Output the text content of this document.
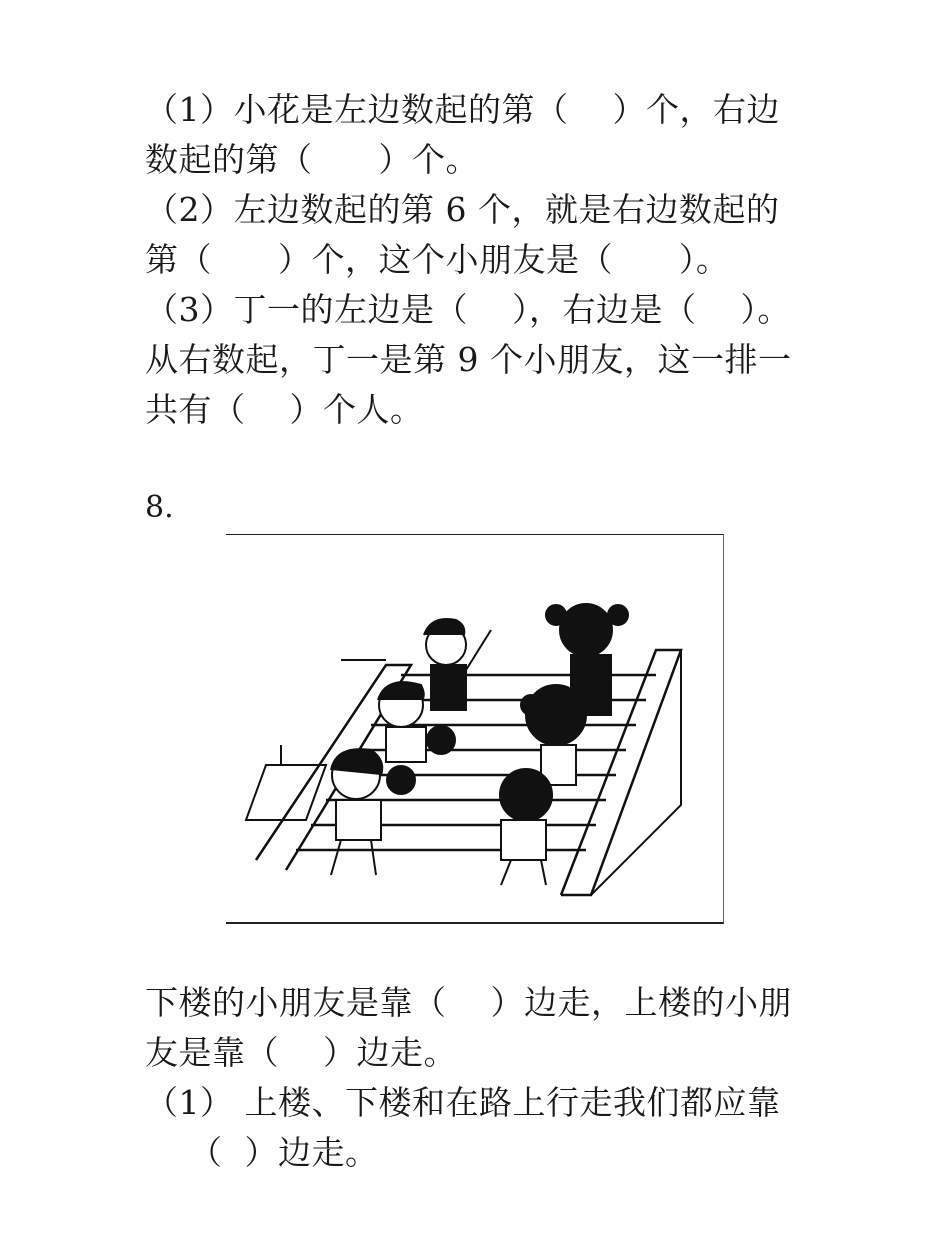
（1）小花是左边数起的第（    ）个，右边
数起的第（      ）个。
（2）左边数起的第 6 个，就是右边数起的
第（      ）个，这个小朋友是（      ）。
（3）丁一的左边是（    ），右边是（    ）。
从右数起，丁一是第 9 个小朋友，这一排一
共有（    ）个人。
8.
下楼的小朋友是靠（    ）边走，上楼的小朋
友是靠（    ）边走。
（1） 上楼、下楼和在路上行走我们都应靠
（  ）边走。
